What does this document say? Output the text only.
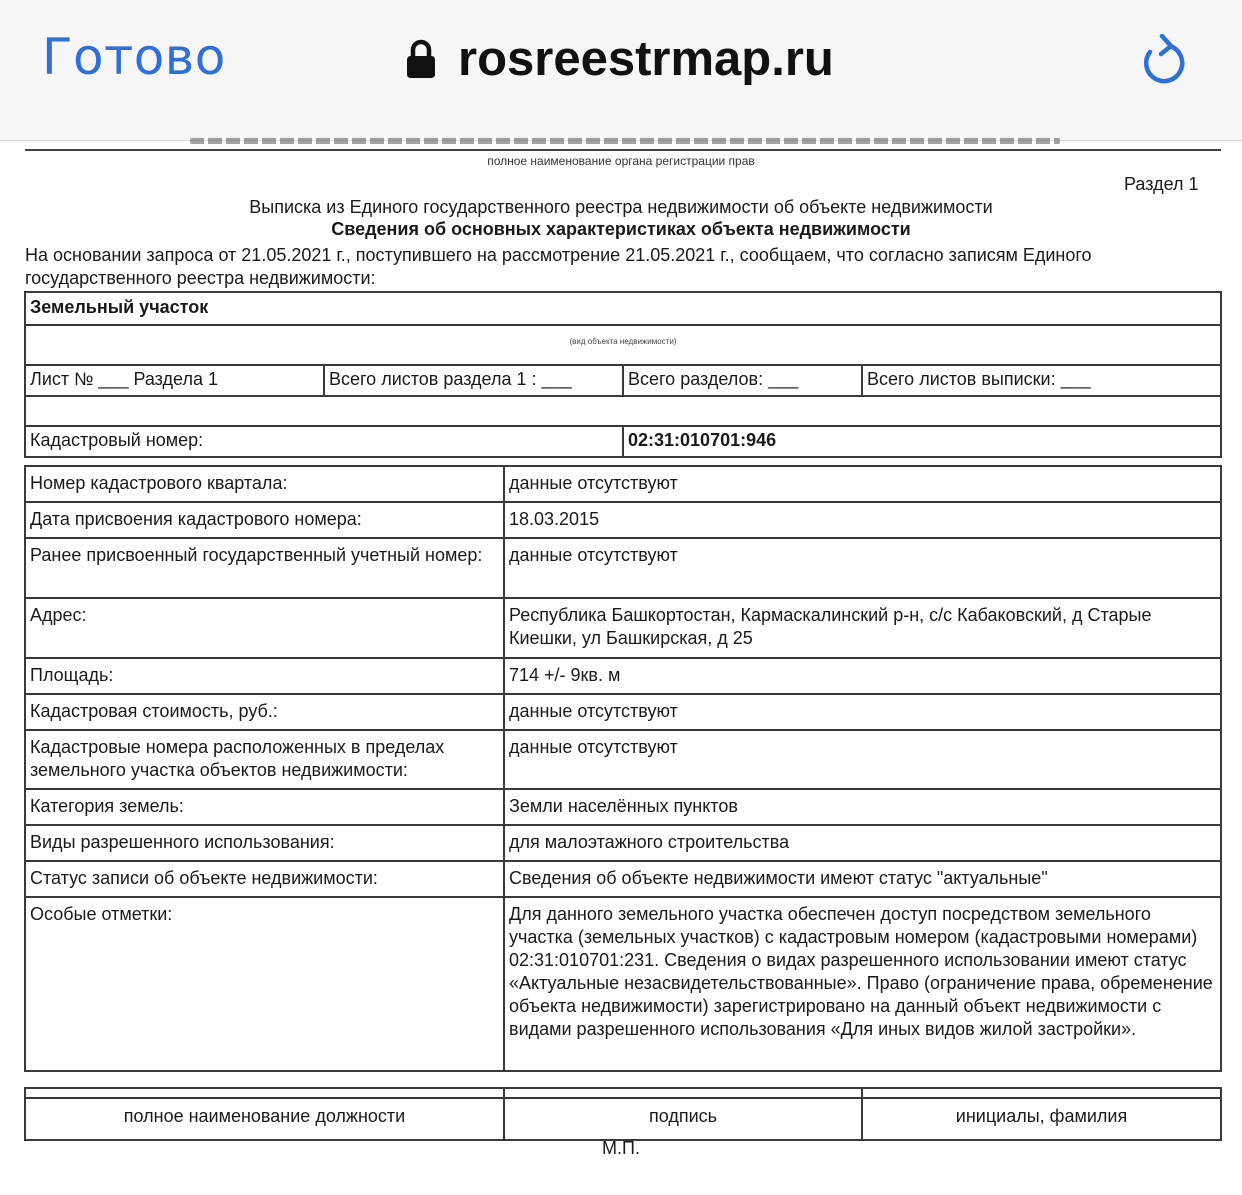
полное наименование органа регистрации прав
Раздел 1
Выписка из Единого государственного реестра недвижимости об объекте недвижимости
Сведения об основных характеристиках объекта недвижимости
На основании запроса от 21.05.2021 г., поступившего на рассмотрение 21.05.2021 г., сообщаем, что согласно записям Единого государственного реестра недвижимости:
Земельный участок			
(вид объекта недвижимости)			
Лист № ___ Раздела 1	Всего листов раздела 1 : ___	Всего разделов: ___	Всего листов выписки: ___

Кадастровый номер:		02:31:010701:946	
Номер кадастрового квартала:	данные отсутствуют
Дата присвоения кадастрового номера:	18.03.2015
Ранее присвоенный государственный учетный номер:	данные отсутствуют
Адрес:	Республика Башкортостан, Кармаскалинский р-н, с/с Кабаковский, д Старые Киешки, ул Башкирская, д 25
Площадь:	714 +/- 9кв. м
Кадастровая стоимость, руб.:	данные отсутствуют
Кадастровые номера расположенных в пределах земельного участка объектов недвижимости:	данные отсутствуют
Категория земель:	Земли населённых пунктов
Виды разрешенного использования:	для малоэтажного строительства
Статус записи об объекте недвижимости:	Сведения об объекте недвижимости имеют статус "актуальные"
Особые отметки:	Для данного земельного участка обеспечен доступ посредством земельного участка (земельных участков) с кадастровым номером (кадастровыми номерами) 02:31:010701:231. Сведения о видах разрешенного использовании имеют статус «Актуальные незасвидетельствованные». Право (ограничение права, обременение объекта недвижимости) зарегистрировано на данный объект недвижимости с видами разрешенного использования «Для иных видов жилой застройки».

полное наименование должности	подпись	инициалы, фамилия
М.П.
Готово	rosreestrmap.ru
